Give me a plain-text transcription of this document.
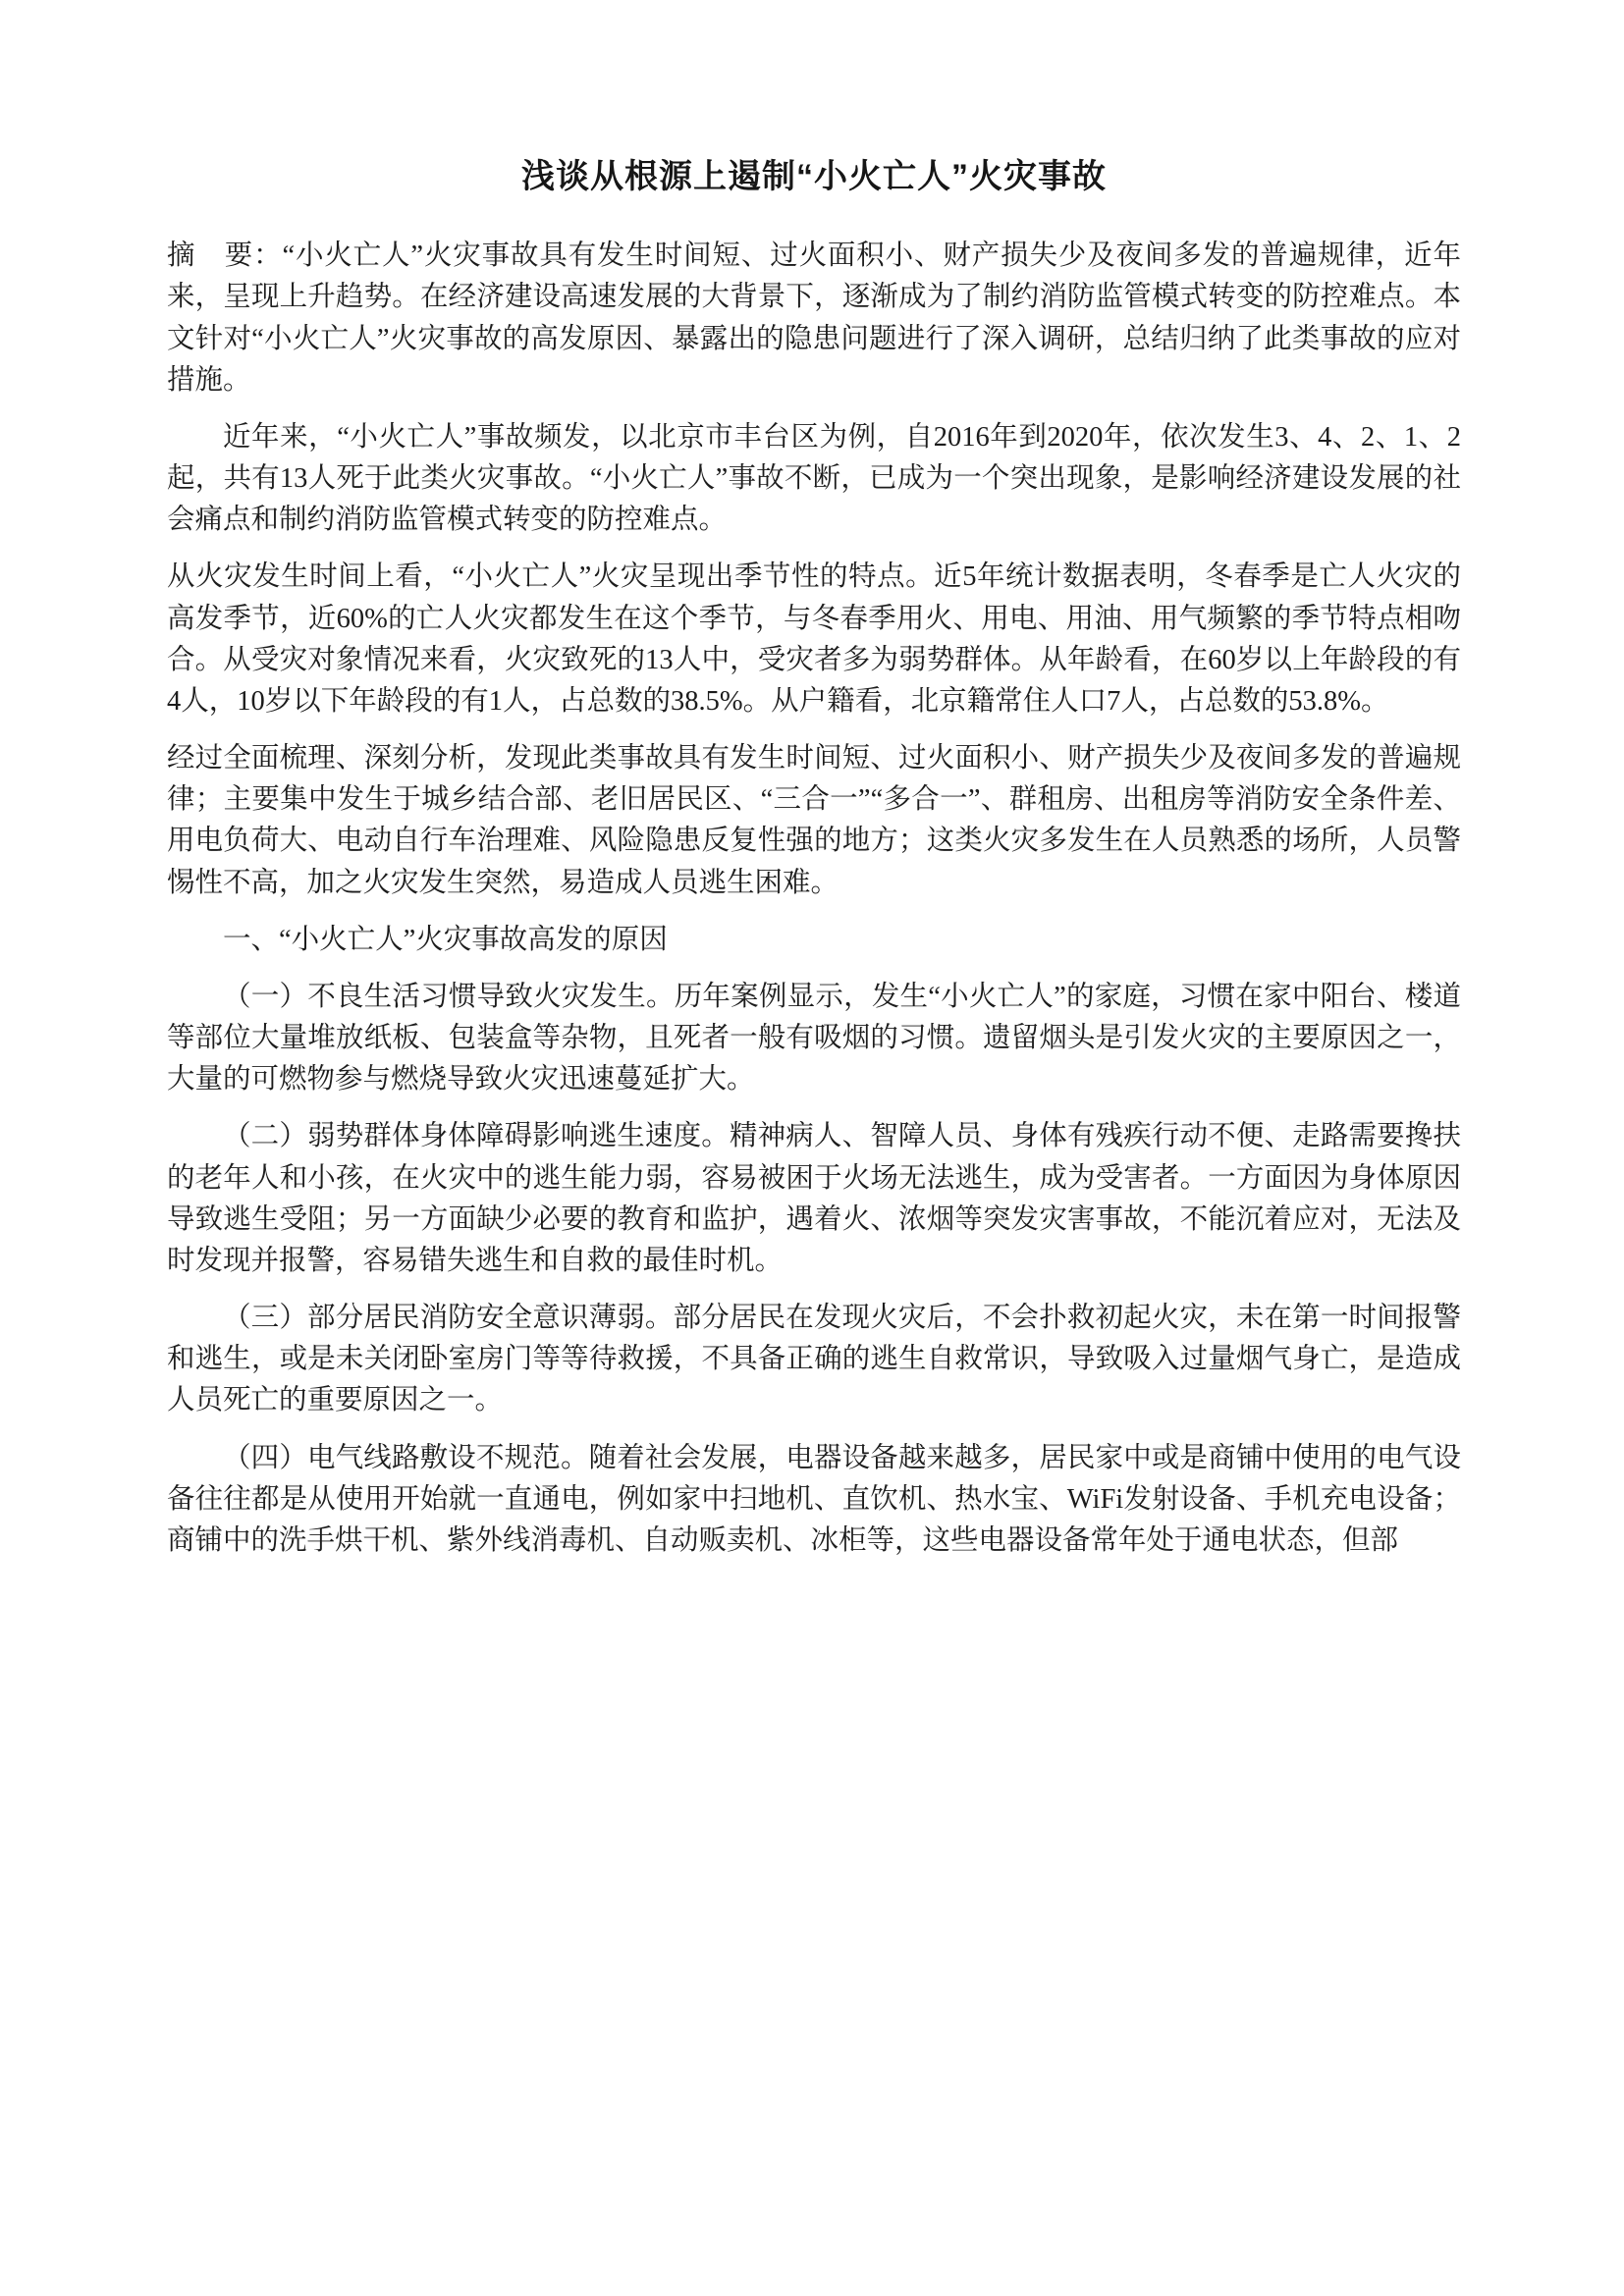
浅谈从根源上遏制“小火亡人”火灾事故

摘　要：“小火亡人”火灾事故具有发生时间短、过火面积小、财产损失少及夜间多发的普遍规律，近年来，呈现上升趋势。在经济建设高速发展的大背景下，逐渐成为了制约消防监管模式转变的防控难点。本文针对“小火亡人”火灾事故的高发原因、暴露出的隐患问题进行了深入调研，总结归纳了此类事故的应对措施。

近年来，“小火亡人”事故频发，以北京市丰台区为例，自2016年到2020年，依次发生3、4、2、1、2起，共有13人死于此类火灾事故。“小火亡人”事故不断，已成为一个突出现象，是影响经济建设发展的社会痛点和制约消防监管模式转变的防控难点。

从火灾发生时间上看，“小火亡人”火灾呈现出季节性的特点。近5年统计数据表明，冬春季是亡人火灾的高发季节，近60%的亡人火灾都发生在这个季节，与冬春季用火、用电、用油、用气频繁的季节特点相吻合。从受灾对象情况来看，火灾致死的13人中，受灾者多为弱势群体。从年龄看，在60岁以上年龄段的有4人，10岁以下年龄段的有1人，占总数的38.5%。从户籍看，北京籍常住人口7人，占总数的53.8%。

经过全面梳理、深刻分析，发现此类事故具有发生时间短、过火面积小、财产损失少及夜间多发的普遍规律；主要集中发生于城乡结合部、老旧居民区、“三合一”“多合一”、群租房、出租房等消防安全条件差、用电负荷大、电动自行车治理难、风险隐患反复性强的地方；这类火灾多发生在人员熟悉的场所，人员警惕性不高，加之火灾发生突然，易造成人员逃生困难。

一、“小火亡人”火灾事故高发的原因

（一）不良生活习惯导致火灾发生。历年案例显示，发生“小火亡人”的家庭，习惯在家中阳台、楼道等部位大量堆放纸板、包装盒等杂物，且死者一般有吸烟的习惯。遗留烟头是引发火灾的主要原因之一，大量的可燃物参与燃烧导致火灾迅速蔓延扩大。

（二）弱势群体身体障碍影响逃生速度。精神病人、智障人员、身体有残疾行动不便、走路需要搀扶的老年人和小孩，在火灾中的逃生能力弱，容易被困于火场无法逃生，成为受害者。一方面因为身体原因导致逃生受阻；另一方面缺少必要的教育和监护，遇着火、浓烟等突发灾害事故，不能沉着应对，无法及时发现并报警，容易错失逃生和自救的最佳时机。

（三）部分居民消防安全意识薄弱。部分居民在发现火灾后，不会扑救初起火灾，未在第一时间报警和逃生，或是未关闭卧室房门等等待救援，不具备正确的逃生自救常识，导致吸入过量烟气身亡，是造成人员死亡的重要原因之一。

（四）电气线路敷设不规范。随着社会发展，电器设备越来越多，居民家中或是商铺中使用的电气设备往往都是从使用开始就一直通电，例如家中扫地机、直饮机、热水宝、WiFi发射设备、手机充电设备；商铺中的洗手烘干机、紫外线消毒机、自动贩卖机、冰柜等，这些电器设备常年处于通电状态，但部
